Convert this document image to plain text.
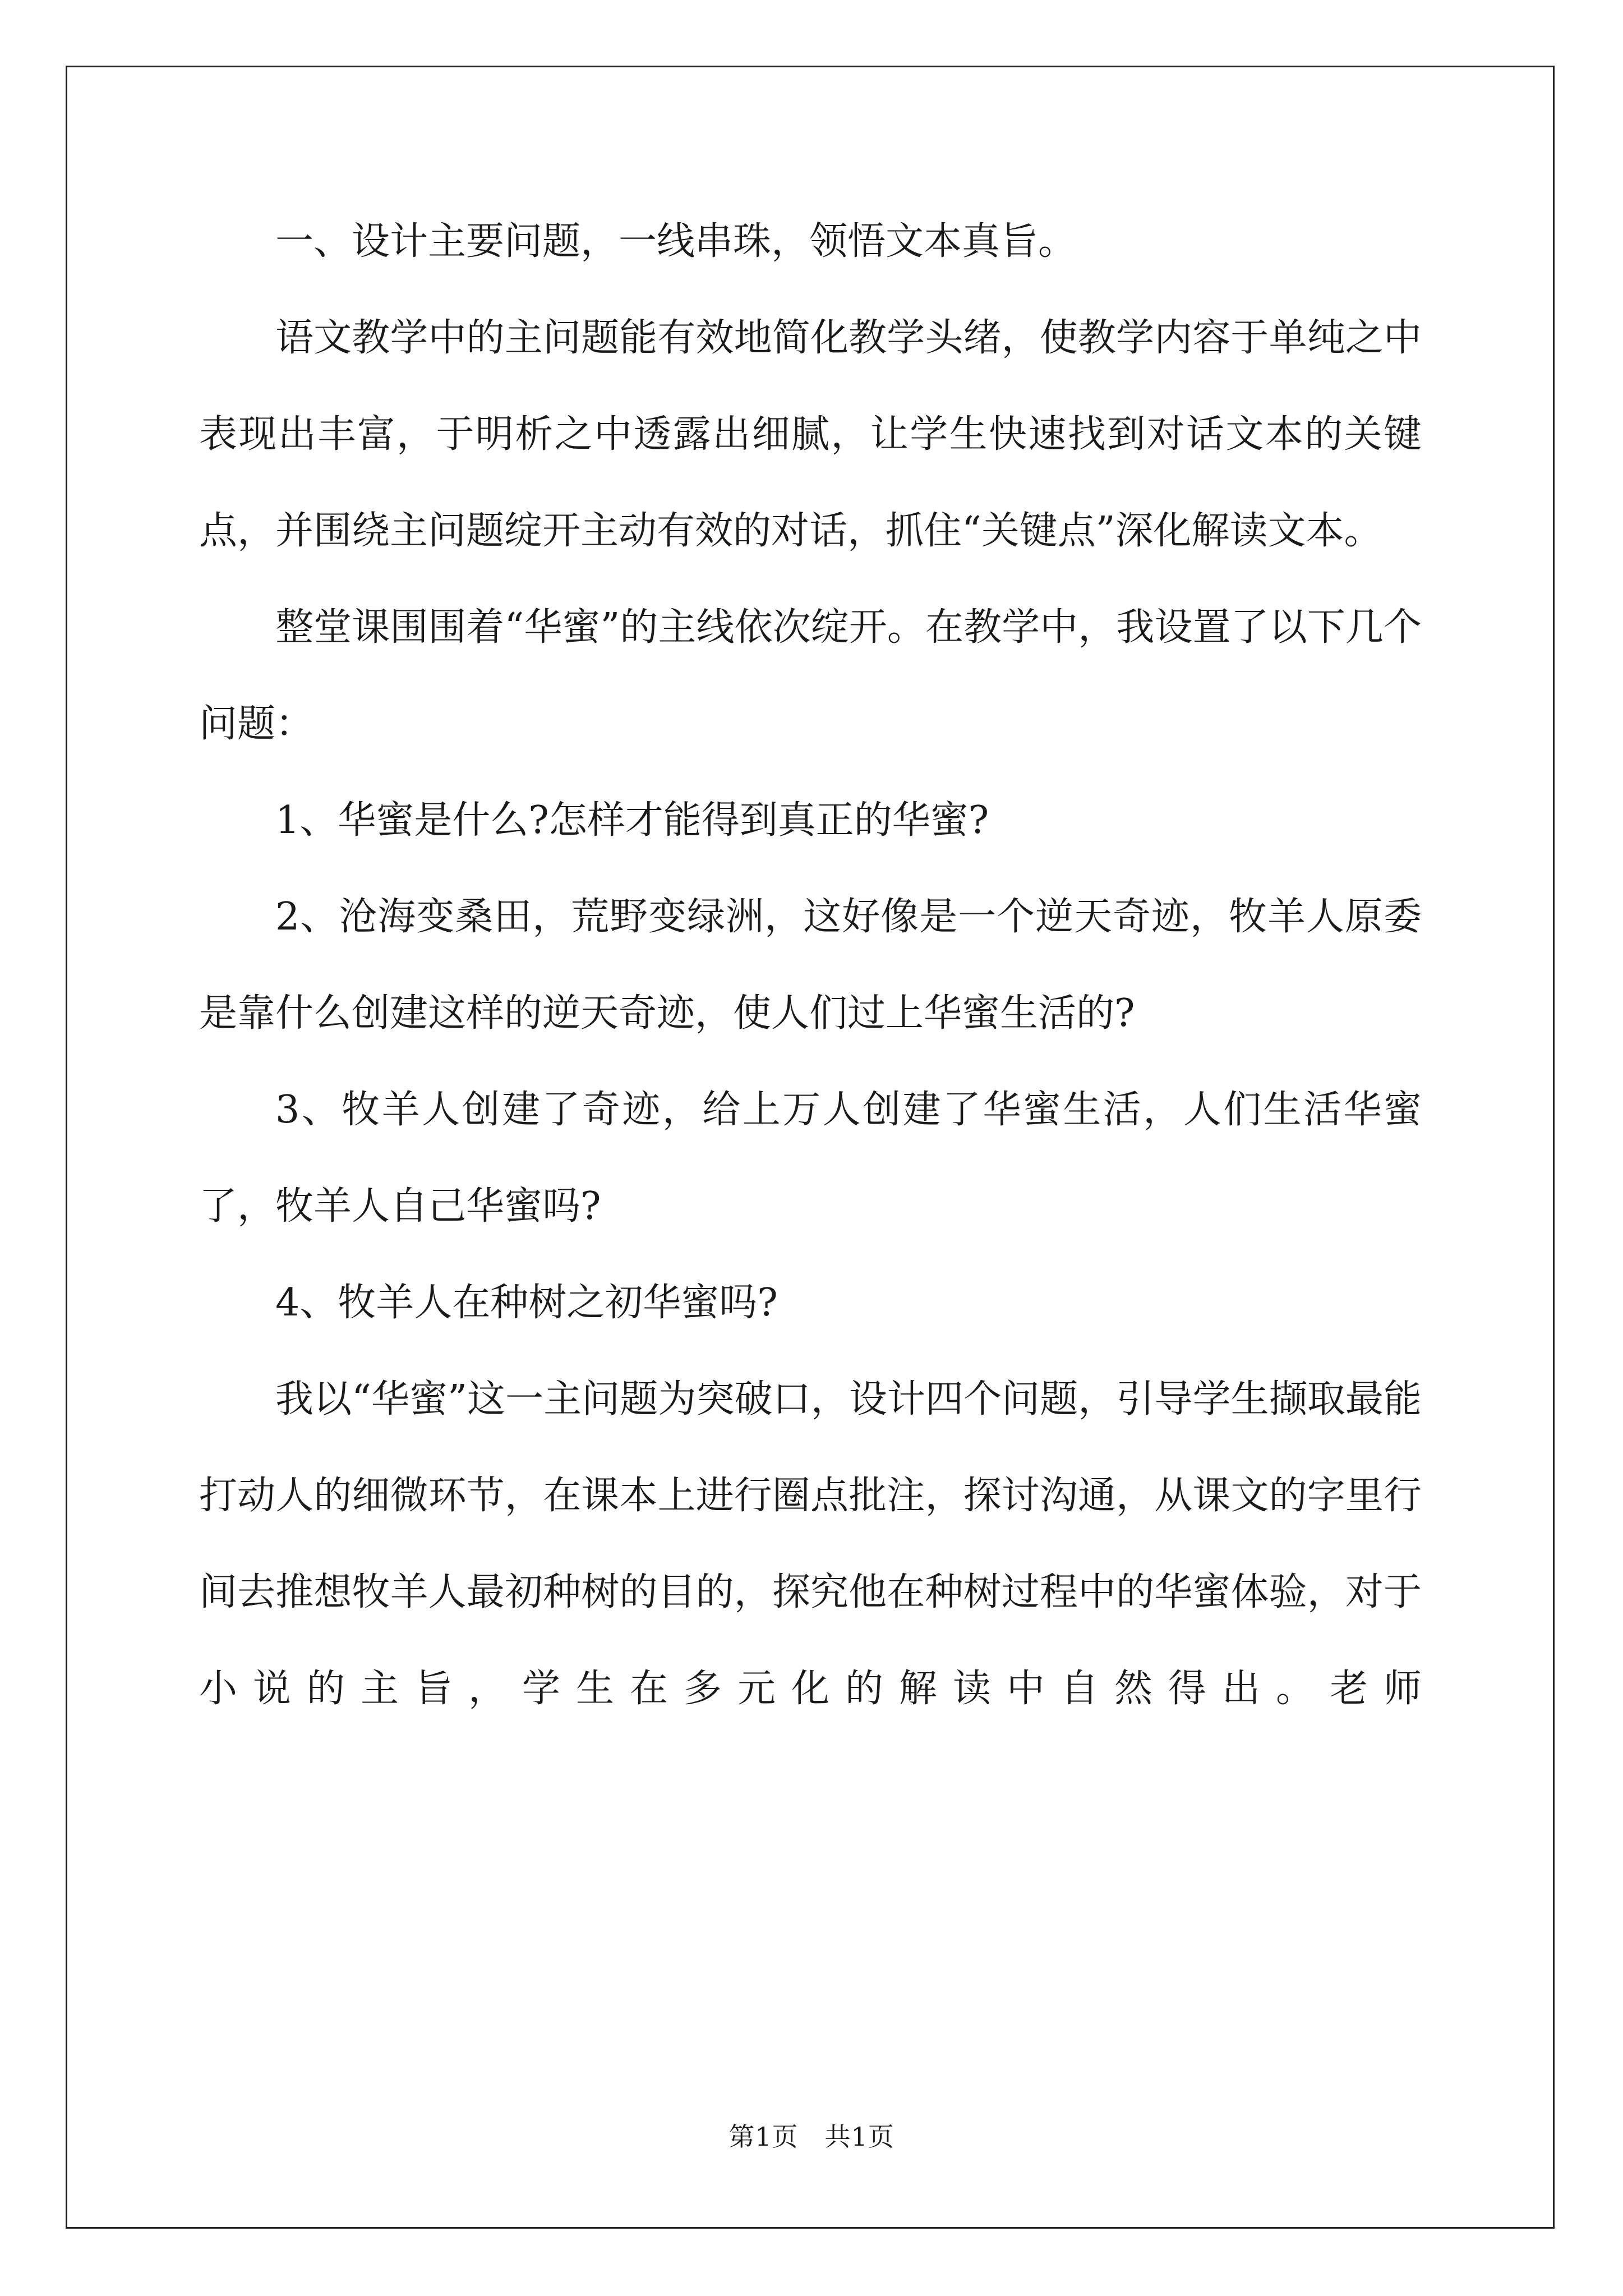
一、设计主要问题，一线串珠，领悟文本真旨。

语文教学中的主问题能有效地简化教学头绪，使教学内容于单纯之中表现出丰富，于明析之中透露出细腻，让学生快速找到对话文本的关键点，并围绕主问题绽开主动有效的对话，抓住“关键点”深化解读文本。

整堂课围围着“华蜜”的主线依次绽开。在教学中，我设置了以下几个问题：

1、华蜜是什么?怎样才能得到真正的华蜜?

2、沧海变桑田，荒野变绿洲，这好像是一个逆天奇迹，牧羊人原委是靠什么创建这样的逆天奇迹，使人们过上华蜜生活的?

3、牧羊人创建了奇迹，给上万人创建了华蜜生活，人们生活华蜜了，牧羊人自己华蜜吗?

4、牧羊人在种树之初华蜜吗?

我以“华蜜”这一主问题为突破口，设计四个问题，引导学生撷取最能打动人的细微环节，在课本上进行圈点批注，探讨沟通，从课文的字里行间去推想牧羊人最初种树的目的，探究他在种树过程中的华蜜体验，对于小说的主旨，学生在多元化的解读中自然得出。老师

第1页　共1页
